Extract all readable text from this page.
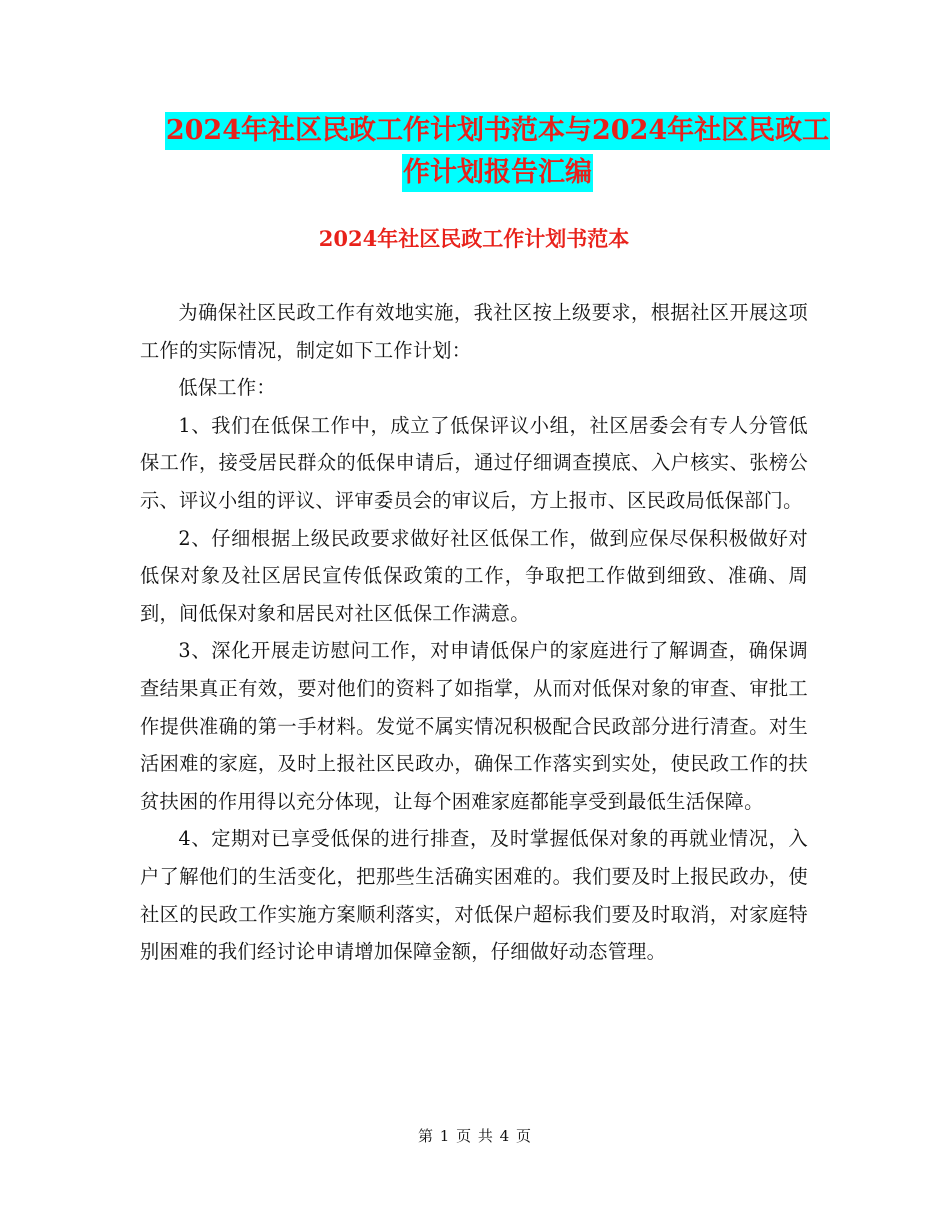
2024年社区民政工作计划书范本与2024年社区民政工
作计划报告汇编
2024年社区民政工作计划书范本

为确保社区民政工作有效地实施，我社区按上级要求，根据社区开展这项工作的实际情况，制定如下工作计划：

低保工作：

1、我们在低保工作中，成立了低保评议小组，社区居委会有专人分管低保工作，接受居民群众的低保申请后，通过仔细调查摸底、入户核实、张榜公示、评议小组的评议、评审委员会的审议后，方上报市、区民政局低保部门。

2、仔细根据上级民政要求做好社区低保工作，做到应保尽保积极做好对低保对象及社区居民宣传低保政策的工作，争取把工作做到细致、准确、周到，间低保对象和居民对社区低保工作满意。

3、深化开展走访慰问工作，对申请低保户的家庭进行了解调查，确保调查结果真正有效，要对他们的资料了如指掌，从而对低保对象的审查、审批工作提供准确的第一手材料。发觉不属实情况积极配合民政部分进行清查。对生活困难的家庭，及时上报社区民政办，确保工作落实到实处，使民政工作的扶贫扶困的作用得以充分体现，让每个困难家庭都能享受到最低生活保障。

4、定期对已享受低保的进行排查，及时掌握低保对象的再就业情况，入户了解他们的生活变化，把那些生活确实困难的。我们要及时上报民政办，使社区的民政工作实施方案顺利落实，对低保户超标我们要及时取消，对家庭特别困难的我们经讨论申请增加保障金额，仔细做好动态管理。

第 1 页 共 4 页
